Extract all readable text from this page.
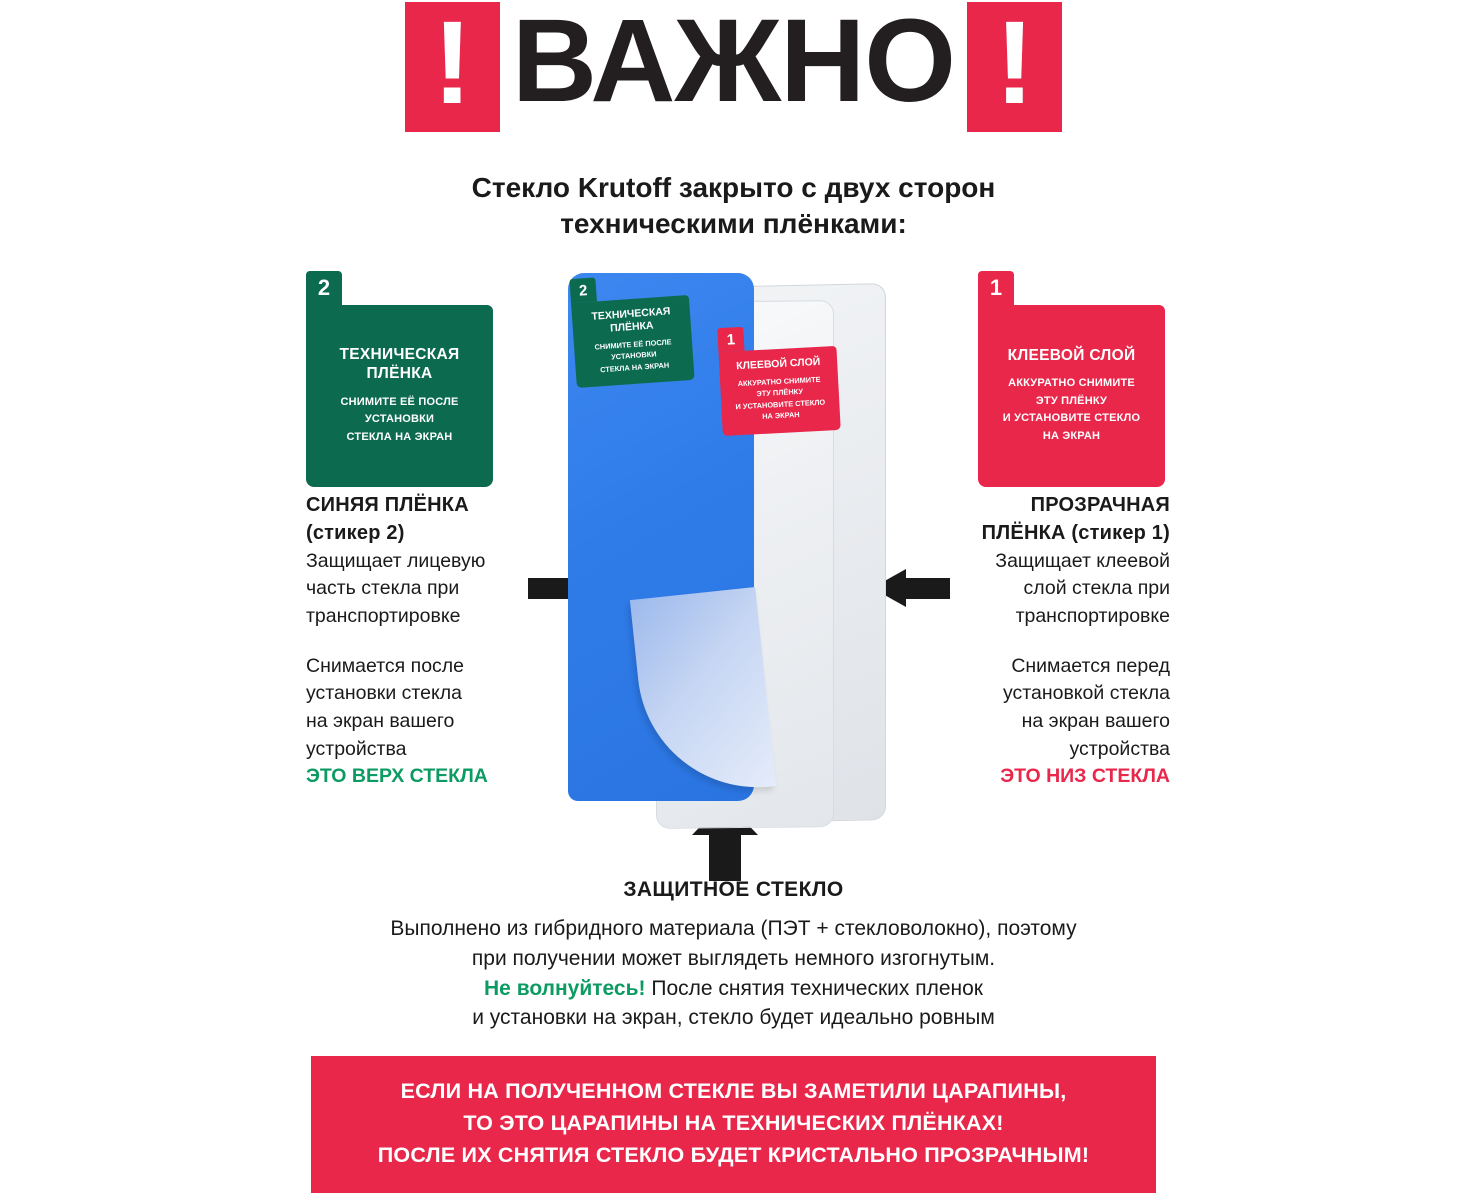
! ВАЖНО !
Стекло Krutoff закрыто с двух сторон
техническими плёнками:
2
ТЕХНИЧЕСКАЯ
ПЛЁНКА
СНИМИТЕ ЕЁ ПОСЛЕ
УСТАНОВКИ
СТЕКЛА НА ЭКРАН
1
КЛЕЕВОЙ СЛОЙ
АККУРАТНО СНИМИТЕ
ЭТУ ПЛЁНКУ
И УСТАНОВИТЕ СТЕКЛО
НА ЭКРАН
СИНЯЯ ПЛЁНКА
(стикер 2)
Защищает лицевую
часть стекла при
транспортировке
Снимается после
установки стекла
на экран вашего
устройства
ЭТО ВЕРХ СТЕКЛА
ПРОЗРАЧНАЯ
ПЛЁНКА (стикер 1)
Защищает клеевой
слой стекла при
транспортировке
Снимается перед
установкой стекла
на экран вашего
устройства
ЭТО НИЗ СТЕКЛА
2
ТЕХНИЧЕСКАЯ
ПЛЁНКА
СНИМИТЕ ЕЁ ПОСЛЕ
УСТАНОВКИ
СТЕКЛА НА ЭКРАН
1
КЛЕЕВОЙ СЛОЙ
АККУРАТНО СНИМИТЕ
ЭТУ ПЛЁНКУ
И УСТАНОВИТЕ СТЕКЛО
НА ЭКРАН
ЗАЩИТНОЕ СТЕКЛО
Выполнено из гибридного материала (ПЭТ + стекловолокно), поэтому
при получении может выглядеть немного изгогнутым.
Не волнуйтесь! После снятия технических пленок
и установки на экран, стекло будет идеально ровным
ЕСЛИ НА ПОЛУЧЕННОМ СТЕКЛЕ ВЫ ЗАМЕТИЛИ ЦАРАПИНЫ,
ТО ЭТО ЦАРАПИНЫ НА ТЕХНИЧЕСКИХ ПЛЁНКАХ!
ПОСЛЕ ИХ СНЯТИЯ СТЕКЛО БУДЕТ КРИСТАЛЬНО ПРОЗРАЧНЫМ!
